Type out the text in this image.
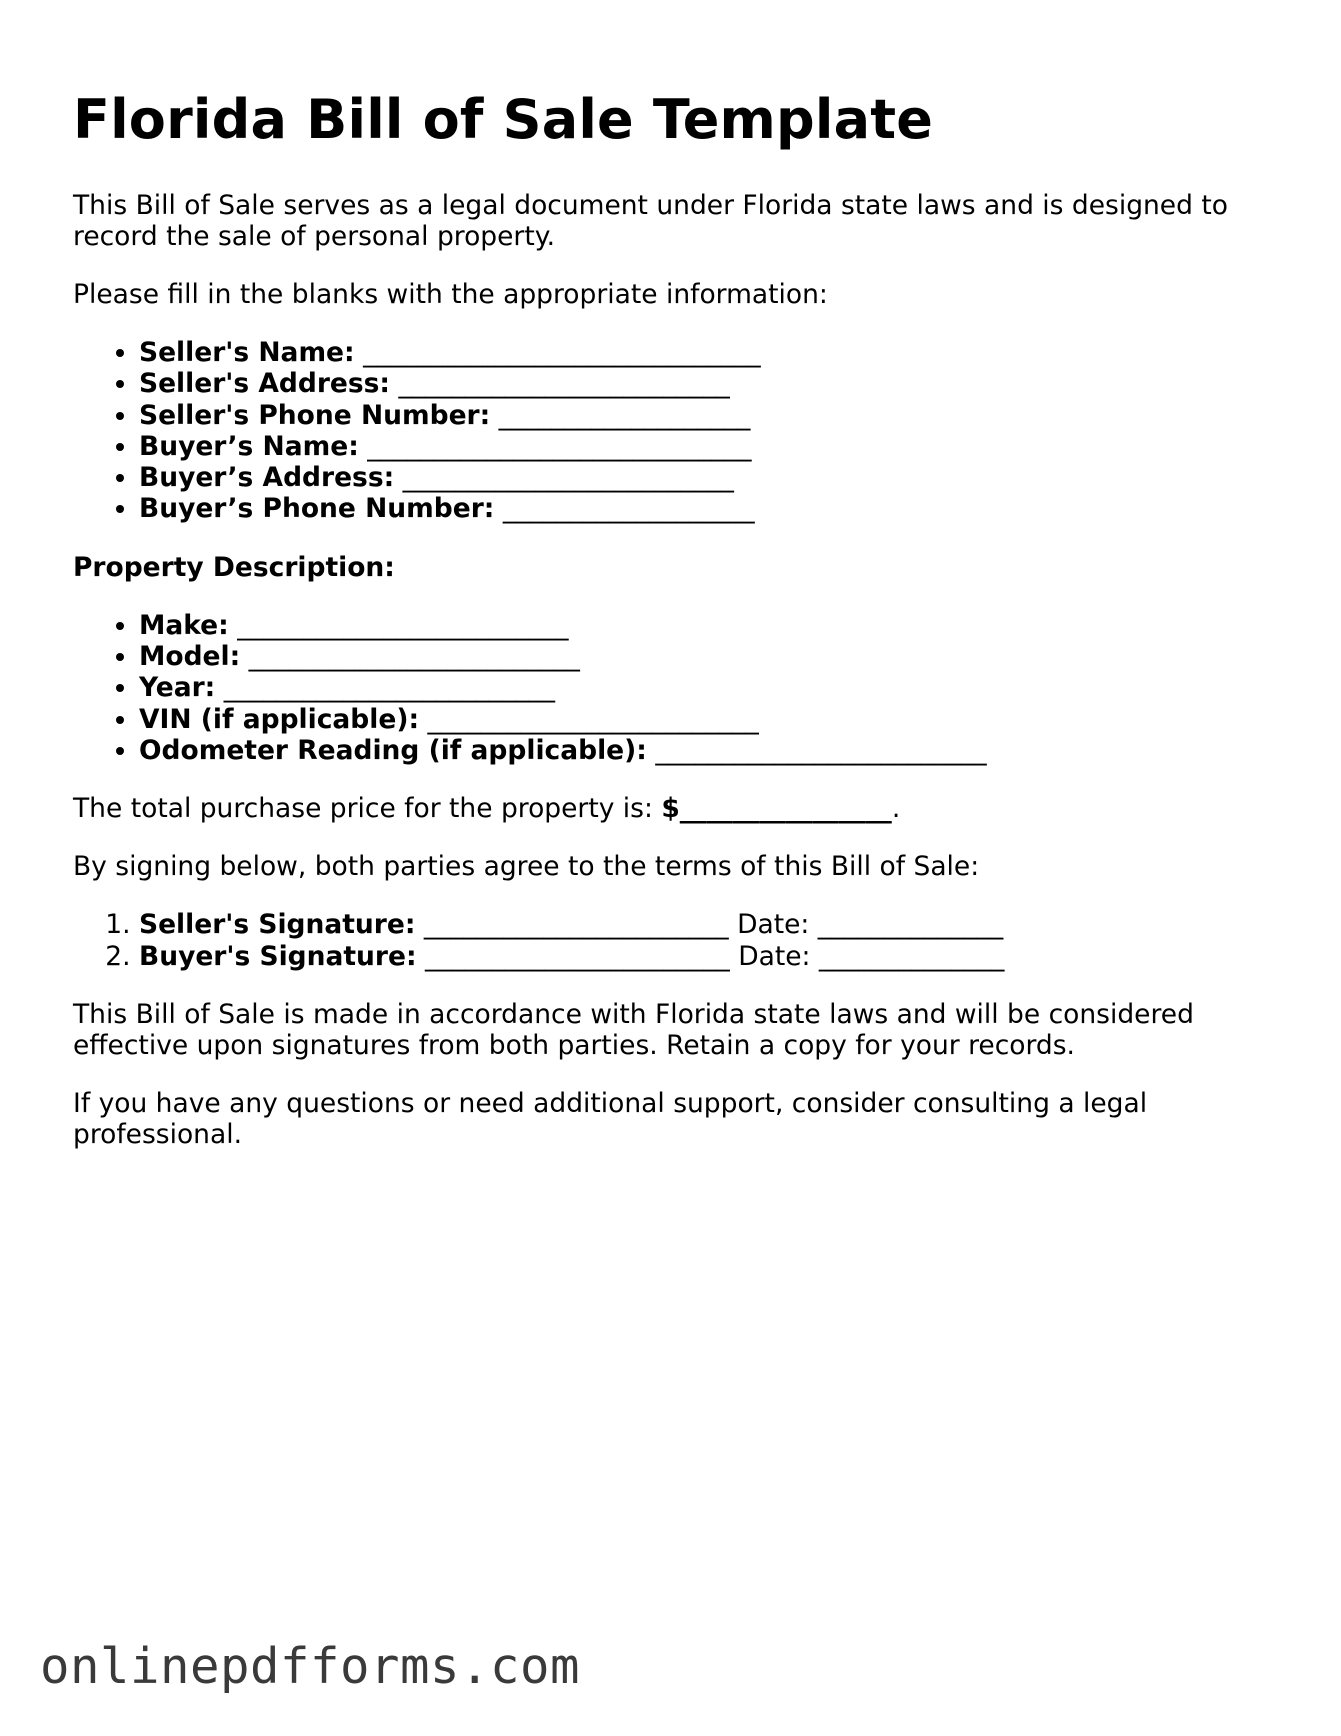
Florida Bill of Sale Template

This Bill of Sale serves as a legal document under Florida state laws and is designed to record the sale of personal property.

Please fill in the blanks with the appropriate information:

• Seller's Name: ______________________________
• Seller's Address: _________________________
• Seller's Phone Number: ___________________
• Buyer’s Name: _____________________________
• Buyer’s Address: _________________________
• Buyer’s Phone Number: ___________________

Property Description:

• Make: _________________________
• Model: _________________________
• Year: _________________________
• VIN (if applicable): _________________________
• Odometer Reading (if applicable): _________________________

The total purchase price for the property is: $________________.

By signing below, both parties agree to the terms of this Bill of Sale:

1. Seller's Signature: _______________________ Date: ______________
2. Buyer's Signature: _______________________ Date: ______________

This Bill of Sale is made in accordance with Florida state laws and will be considered effective upon signatures from both parties. Retain a copy for your records.

If you have any questions or need additional support, consider consulting a legal professional.

onlinepdfforms.com
